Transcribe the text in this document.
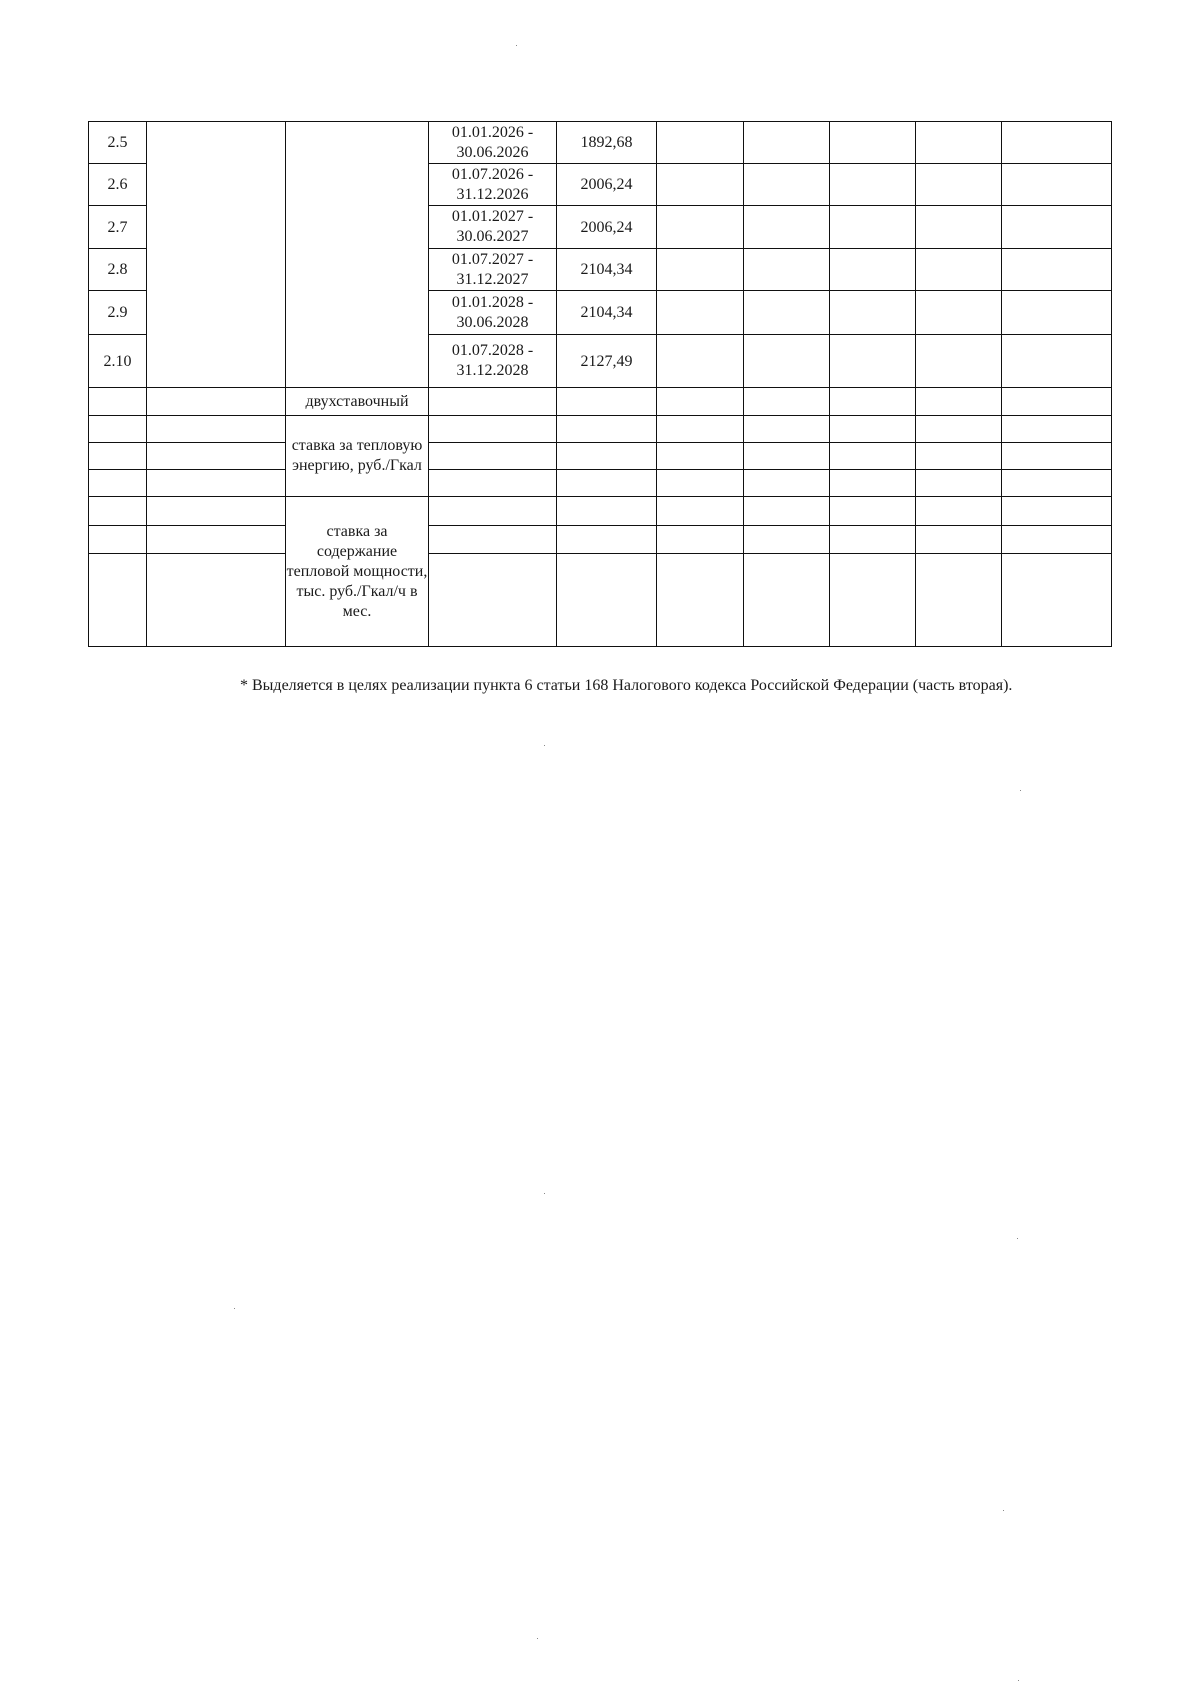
2.5			01.01.2026 - 30.06.2026	1892,68					
2.6			01.07.2026 - 31.12.2026	2006,24					
2.7			01.01.2027 - 30.06.2027	2006,24					
2.8			01.07.2027 - 31.12.2027	2104,34					
2.9			01.01.2028 - 30.06.2028	2104,34					
2.10			01.07.2028 - 31.12.2028	2127,49					
		двухставочный							
		ставка за тепловую энергию, руб./Гкал							

		ставка за содержание тепловой мощности, тыс. руб./Гкал/ч в мес.							

* Выделяется в целях реализации пункта 6 статьи 168 Налогового кодекса Российской Федерации (часть вторая).
